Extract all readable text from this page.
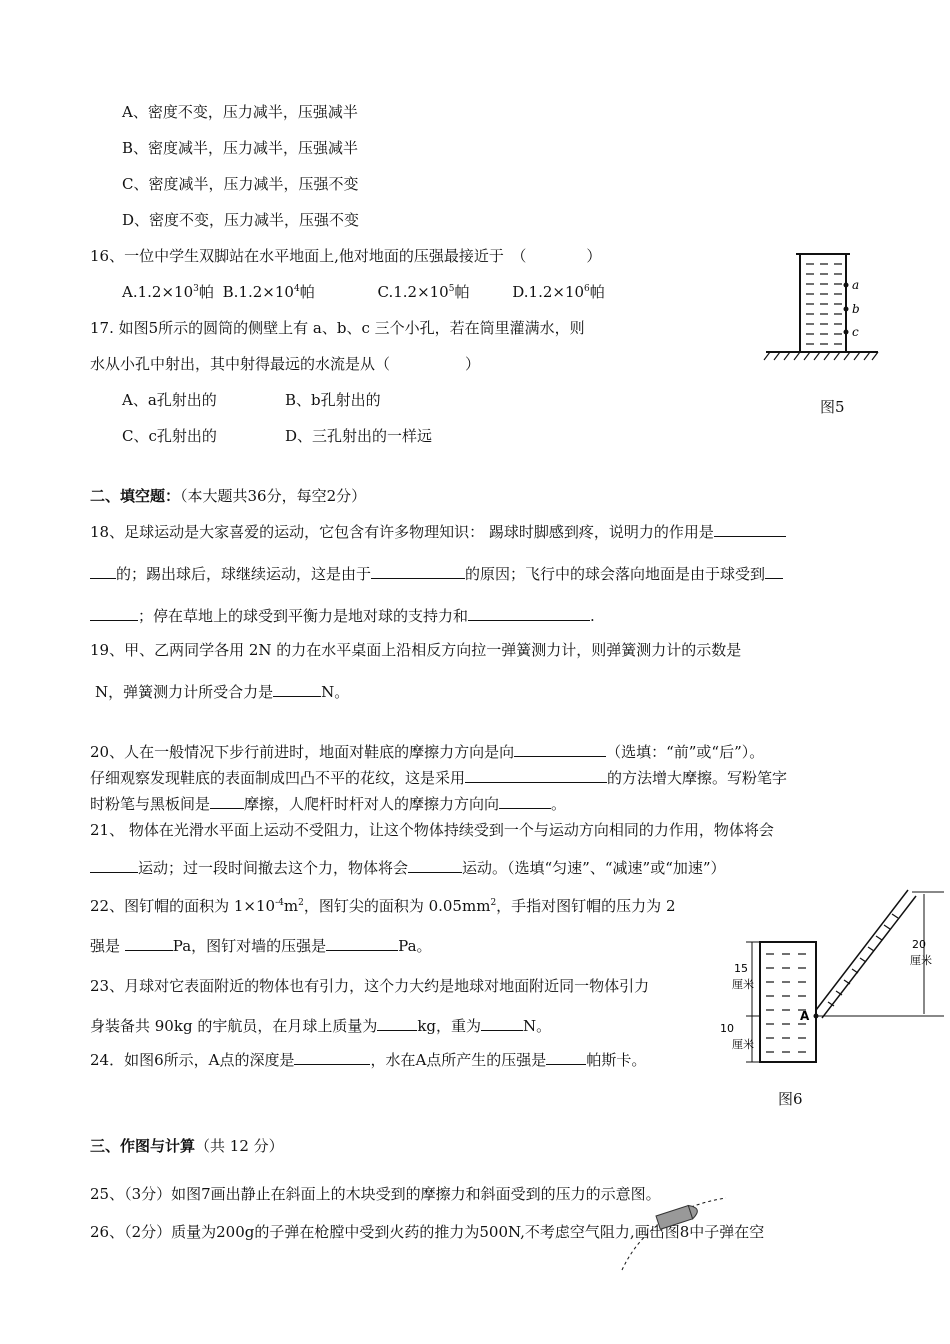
A、密度不变，压力减半，压强减半
B、密度减半，压力减半，压强减半
C、密度减半，压力减半，压强不变
D、密度不变，压力减半，压强不变
16、一位中学生双脚站在水平地面上,他对地面的压强最接近于　（　　　　）
$A.1.2\times 10^3$帕 $B.1.2\times 10^4$帕	$C.1.2\times 10^5$帕	$D.1.2\times 10^6$帕
17. 如图5所示的圆筒的侧壁上有 a、b、c 三个小孔，若在筒里灌满水，则
水从小孔中射出，其中射得最远的水流是从（　　　　　）
A、a孔射出的	B、b孔射出的
C、c孔射出的	D、三孔射出的一样远
a
b
c
图5
二、填空题：（本大题共36分，每空2分）
18、足球运动是大家喜爱的运动，它包含有许多物理知识： 踢球时脚感到疼，说明力的作用是
的；踢出球后，球继续运动，这是由于	的原因；飞行中的球会落向地面是由于球受到
；停在草地上的球受到平衡力是地对球的支持力和	.
19、甲、乙两同学各用 2N 的力在水平桌面上沿相反方向拉一弹簧测力计，则弹簧测力计的示数是
N，弹簧测力计所受合力是	N。
20、人在一般情况下步行前进时，地面对鞋底的摩擦力方向是向	（选填：“前”或“后”）。
仔细观察发现鞋底的表面制成凹凸不平的花纹，这是采用	的方法增大摩擦。写粉笔字
时粉笔与黑板间是 摩擦，人爬杆时杆对人的摩擦力方向向	。
21、 物体在光滑水平面上运动不受阻力，让这个物体持续受到一个与运动方向相同的力作用，物体将会
运动；过一段时间撤去这个力，物体将会	运动。（选填“匀速”、“减速”或“加速”）
22、图钉帽的面积为 $1\times 10^{-4}m^2$，图钉尖的面积为 $0.05mm^2$，手指对图钉帽的压力为 2
强是	Pa，图钉对墙的压强是	Pa。
23、月球对它表面附近的物体也有引力，这个力大约是地球对地面附近同一物体引力
身装备共 90kg 的宇航员，在月球上质量为	kg，重为	N。
24．如图6所示，A点的深度是	，水在A点所产生的压强是	帕斯卡。
15
厘米
10
厘米
A
20
厘米
图6
三、作图与计算（共 12 分）
25、（3分）如图7画出静止在斜面上的木块受到的摩擦力和斜面受到的压力的示意图。
26、（2分）质量为200g的子弹在枪膛中受到火药的推力为500N,不考虑空气阻力,画出图8中子弹在空
